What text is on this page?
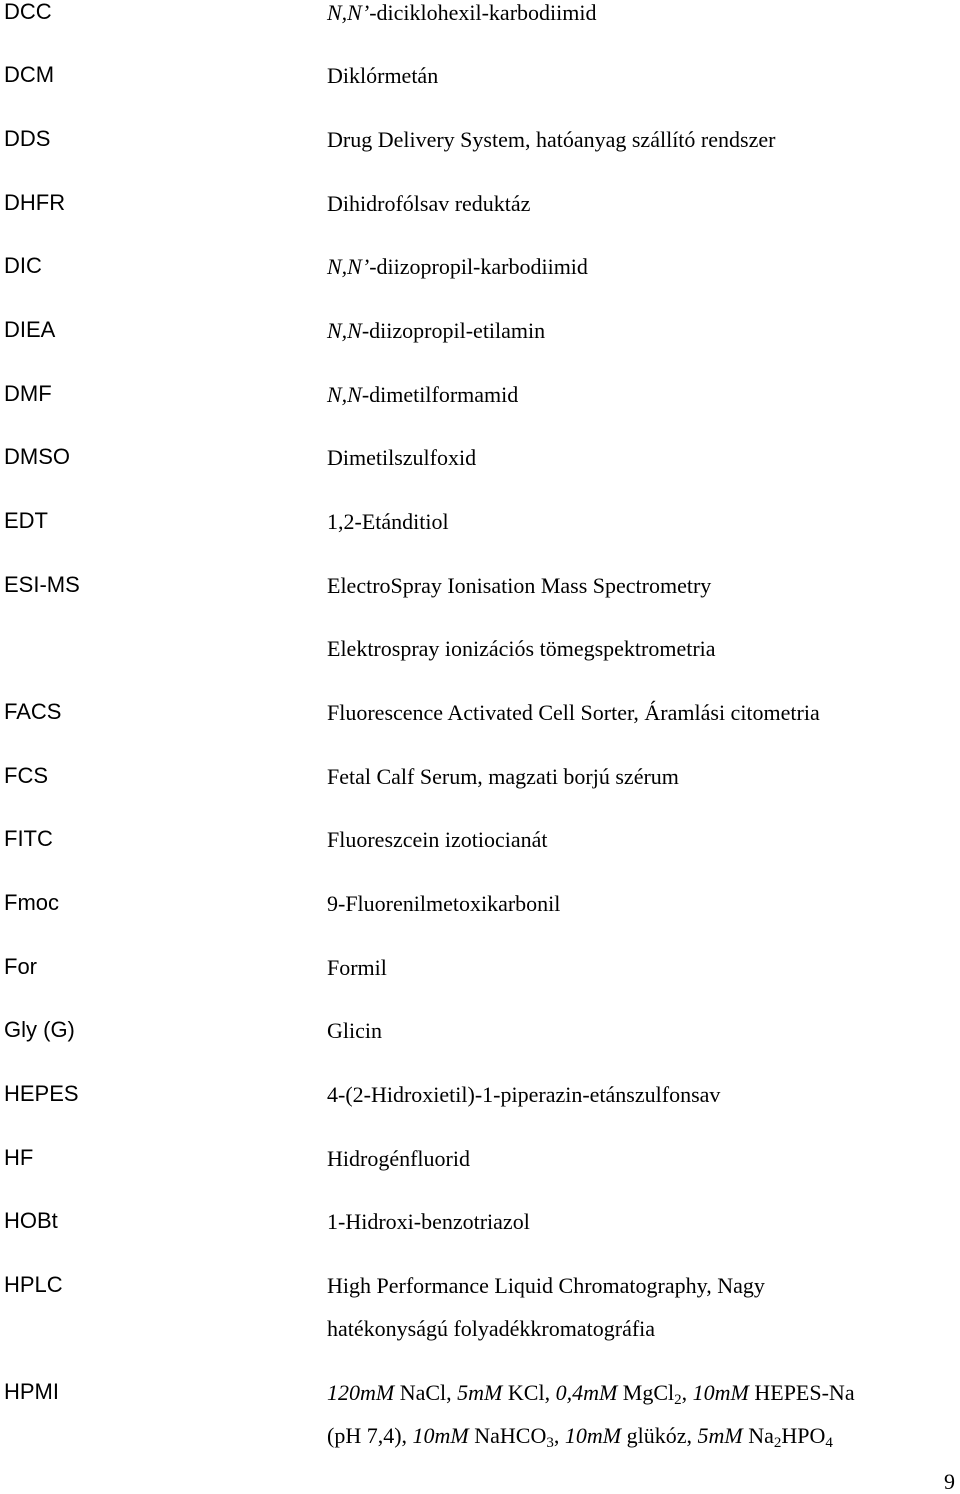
DCC	N,N’-diciklohexil-karbodiimid
DCM	Diklórmetán
DDS	Drug Delivery System, hatóanyag szállító rendszer
DHFR	Dihidrofólsav reduktáz
DIC	N,N’-diizopropil-karbodiimid
DIEA	N,N-diizopropil-etilamin
DMF	N,N-dimetilformamid
DMSO	Dimetilszulfoxid
EDT	1,2-Etánditiol
ESI-MS	ElectroSpray Ionisation Mass Spectrometry
Elektrospray ionizációs tömegspektrometria
FACS	Fluorescence Activated Cell Sorter, Áramlási citometria
FCS	Fetal Calf Serum, magzati borjú szérum
FITC	Fluoreszcein izotiocianát
Fmoc	9-Fluorenilmetoxikarbonil
For	Formil
Gly (G)	Glicin
HEPES	4-(2-Hidroxietil)-1-piperazin-etánszulfonsav
HF	Hidrogénfluorid
HOBt	1-Hidroxi-benzotriazol
HPLC	High Performance Liquid Chromatography, Nagy
hatékonyságú folyadékkromatográfia
HPMI	120mM NaCl, 5mM KCl, 0,4mM MgCl$_2$, 10mM HEPES-Na
(pH 7,4), 10mM NaHCO$_3$, 10mM glükóz, 5mM $Na_2HPO_4$
9
